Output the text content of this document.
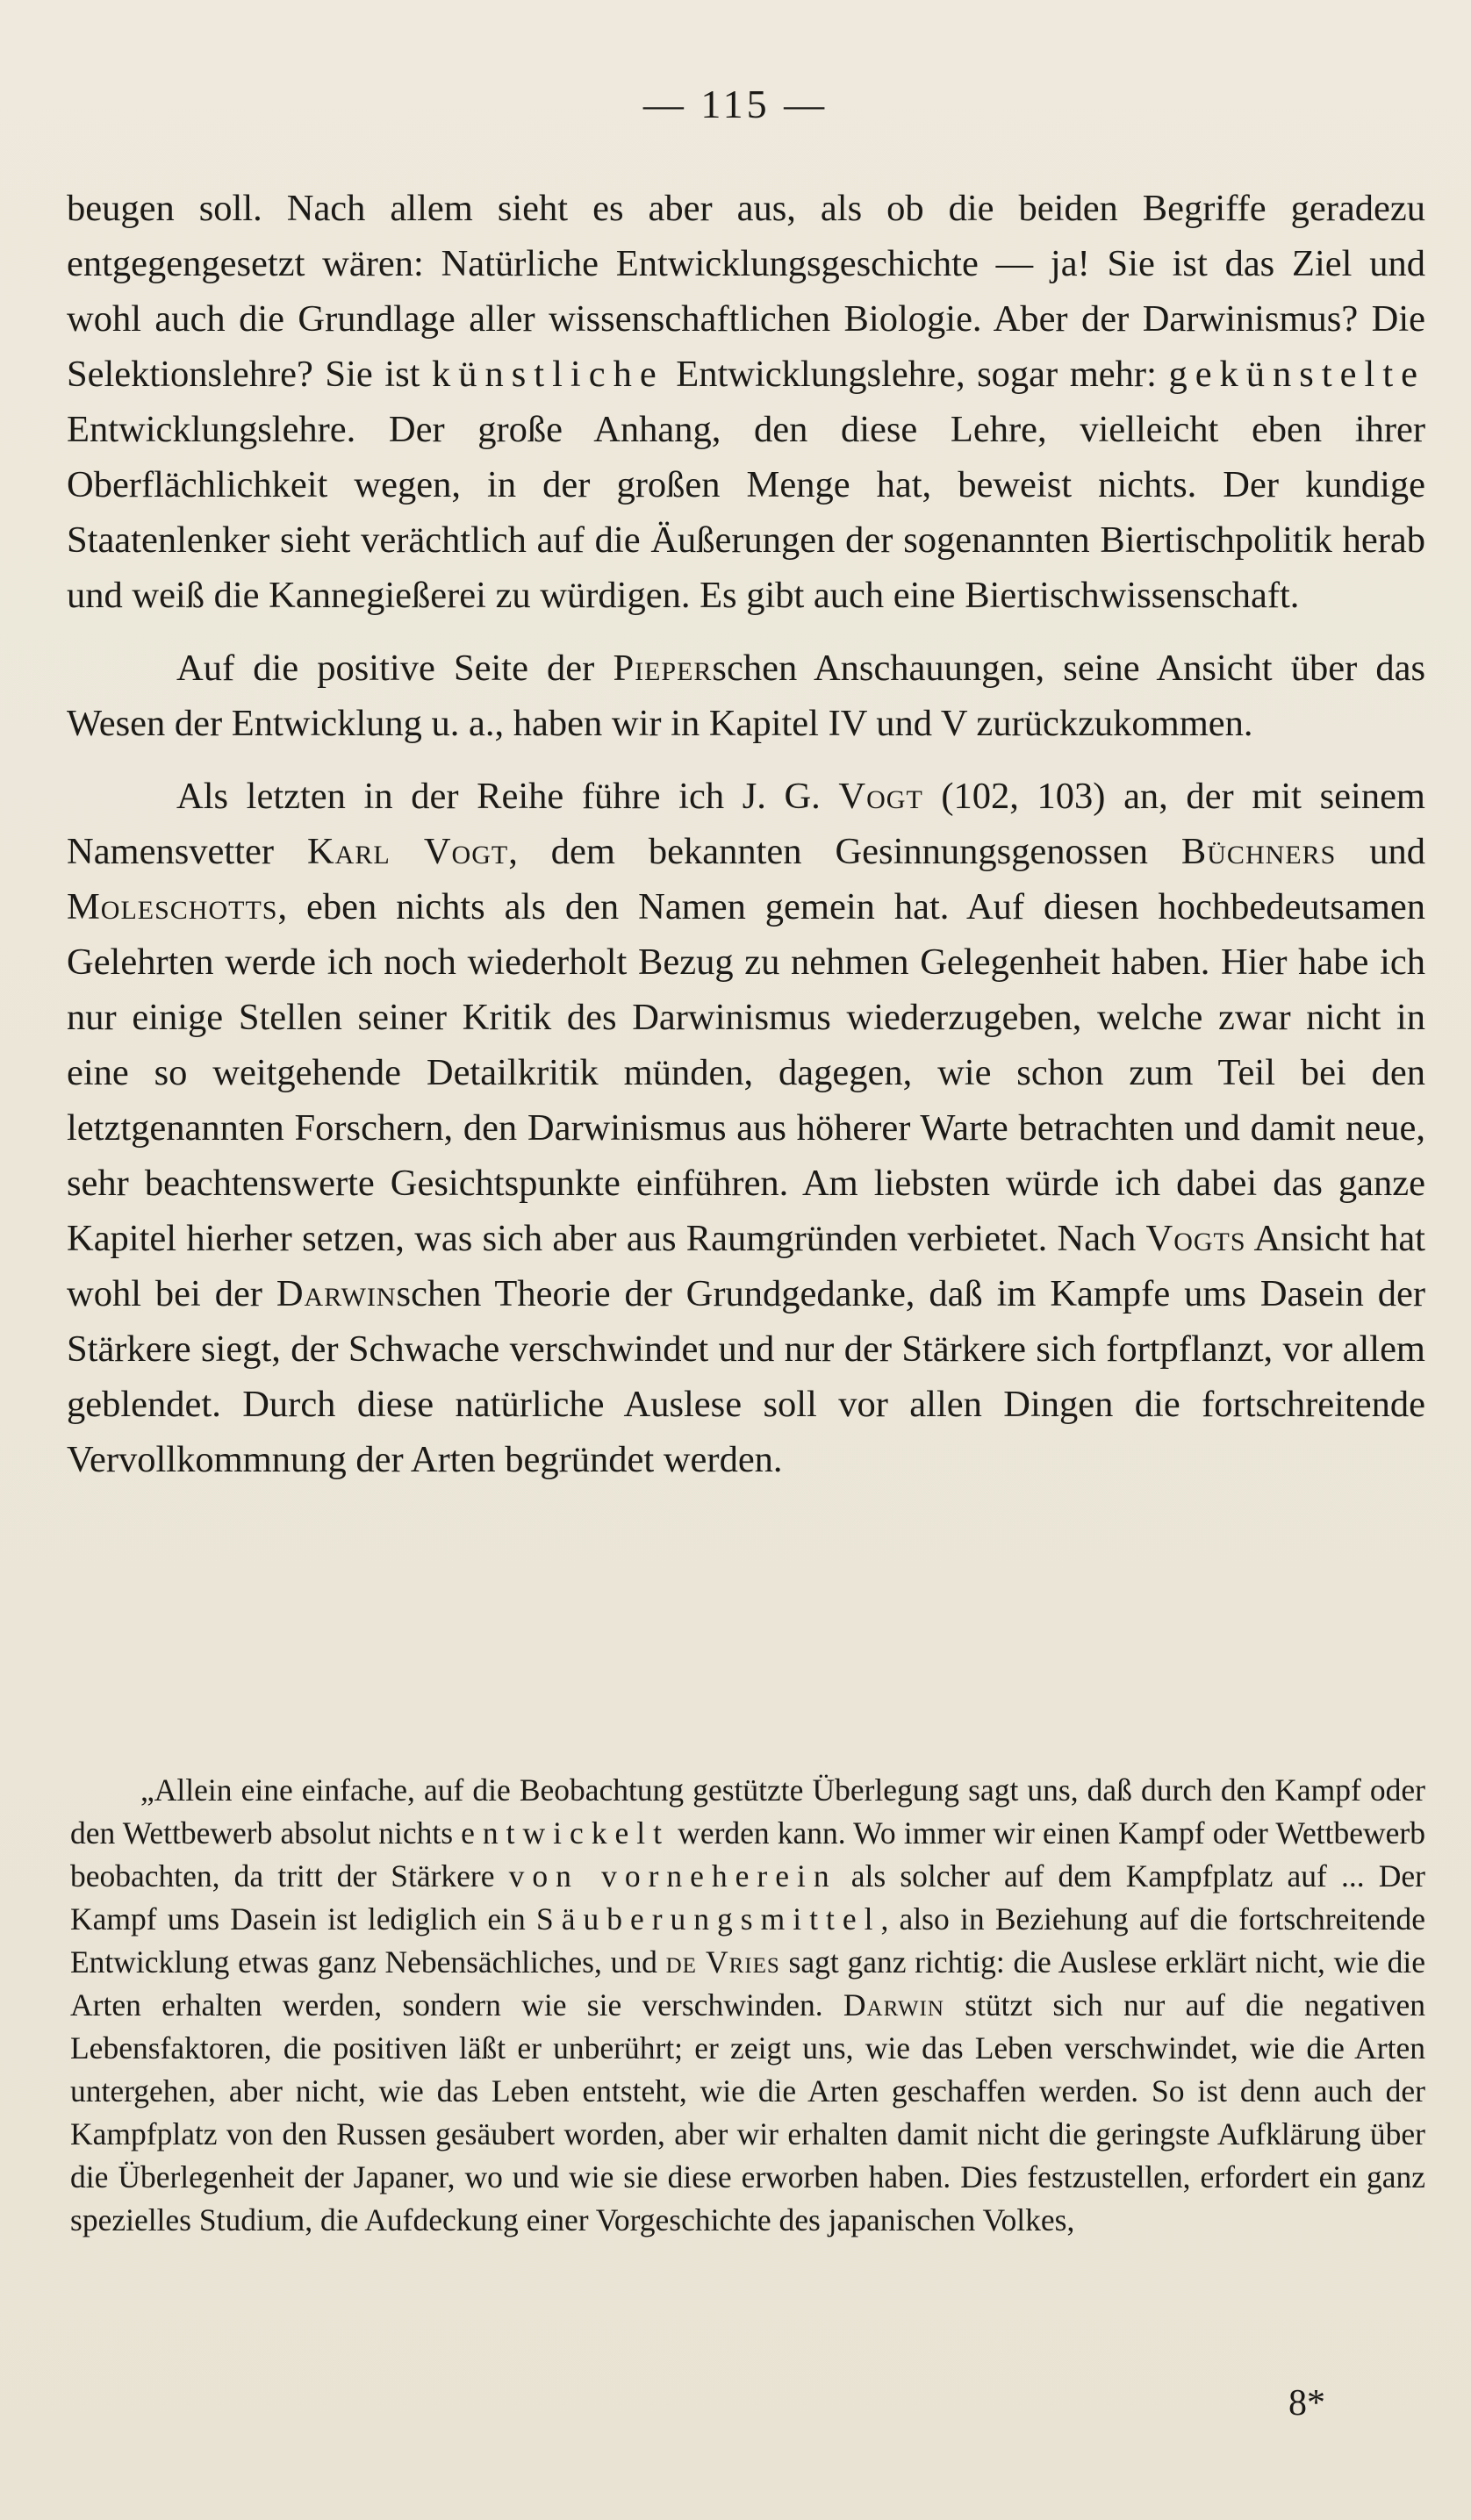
— 115 —

beugen soll. Nach allem sieht es aber aus, als ob die beiden Begriffe geradezu entgegengesetzt wären: Natürliche Entwicklungsgeschichte — ja! Sie ist das Ziel und wohl auch die Grundlage aller wissenschaftlichen Biologie. Aber der Darwinismus? Die Selektionslehre? Sie ist künstliche Entwicklungslehre, sogar mehr: gekünstelte Entwicklungslehre. Der große Anhang, den diese Lehre, vielleicht eben ihrer Oberflächlichkeit wegen, in der großen Menge hat, beweist nichts. Der kundige Staatenlenker sieht verächtlich auf die Äußerungen der sogenannten Biertischpolitik herab und weiß die Kannegießerei zu würdigen. Es gibt auch eine Biertischwissenschaft.

Auf die positive Seite der Pieperschen Anschauungen, seine Ansicht über das Wesen der Entwicklung u. a., haben wir in Kapitel IV und V zurückzukommen.

Als letzten in der Reihe führe ich J. G. Vogt (102, 103) an, der mit seinem Namensvetter Karl Vogt, dem bekannten Gesinnungsgenossen Büchners und Moleschotts, eben nichts als den Namen gemein hat. Auf diesen hochbedeutsamen Gelehrten werde ich noch wiederholt Bezug zu nehmen Gelegenheit haben. Hier habe ich nur einige Stellen seiner Kritik des Darwinismus wiederzugeben, welche zwar nicht in eine so weitgehende Detailkritik münden, dagegen, wie schon zum Teil bei den letztgenannten Forschern, den Darwinismus aus höherer Warte betrachten und damit neue, sehr beachtenswerte Gesichtspunkte einführen. Am liebsten würde ich dabei das ganze Kapitel hierher setzen, was sich aber aus Raumgründen verbietet. Nach Vogts Ansicht hat wohl bei der Darwinschen Theorie der Grundgedanke, daß im Kampfe ums Dasein der Stärkere siegt, der Schwache verschwindet und nur der Stärkere sich fortpflanzt, vor allem geblendet. Durch diese natürliche Auslese soll vor allen Dingen die fortschreitende Vervollkommnung der Arten begründet werden.

„Allein eine einfache, auf die Beobachtung gestützte Überlegung sagt uns, daß durch den Kampf oder den Wettbewerb absolut nichts entwickelt werden kann. Wo immer wir einen Kampf oder Wettbewerb beobachten, da tritt der Stärkere von vorneherein als solcher auf dem Kampfplatz auf ... Der Kampf ums Dasein ist lediglich ein Säuberungsmittel, also in Beziehung auf die fortschreitende Entwicklung etwas ganz Nebensächliches, und de Vries sagt ganz richtig: die Auslese erklärt nicht, wie die Arten erhalten werden, sondern wie sie verschwinden. Darwin stützt sich nur auf die negativen Lebensfaktoren, die positiven läßt er unberührt; er zeigt uns, wie das Leben verschwindet, wie die Arten untergehen, aber nicht, wie das Leben entsteht, wie die Arten geschaffen werden. So ist denn auch der Kampfplatz von den Russen gesäubert worden, aber wir erhalten damit nicht die geringste Aufklärung über die Überlegenheit der Japaner, wo und wie sie diese erworben haben. Dies festzustellen, erfordert ein ganz spezielles Studium, die Aufdeckung einer Vorgeschichte des japanischen Volkes,

8*
